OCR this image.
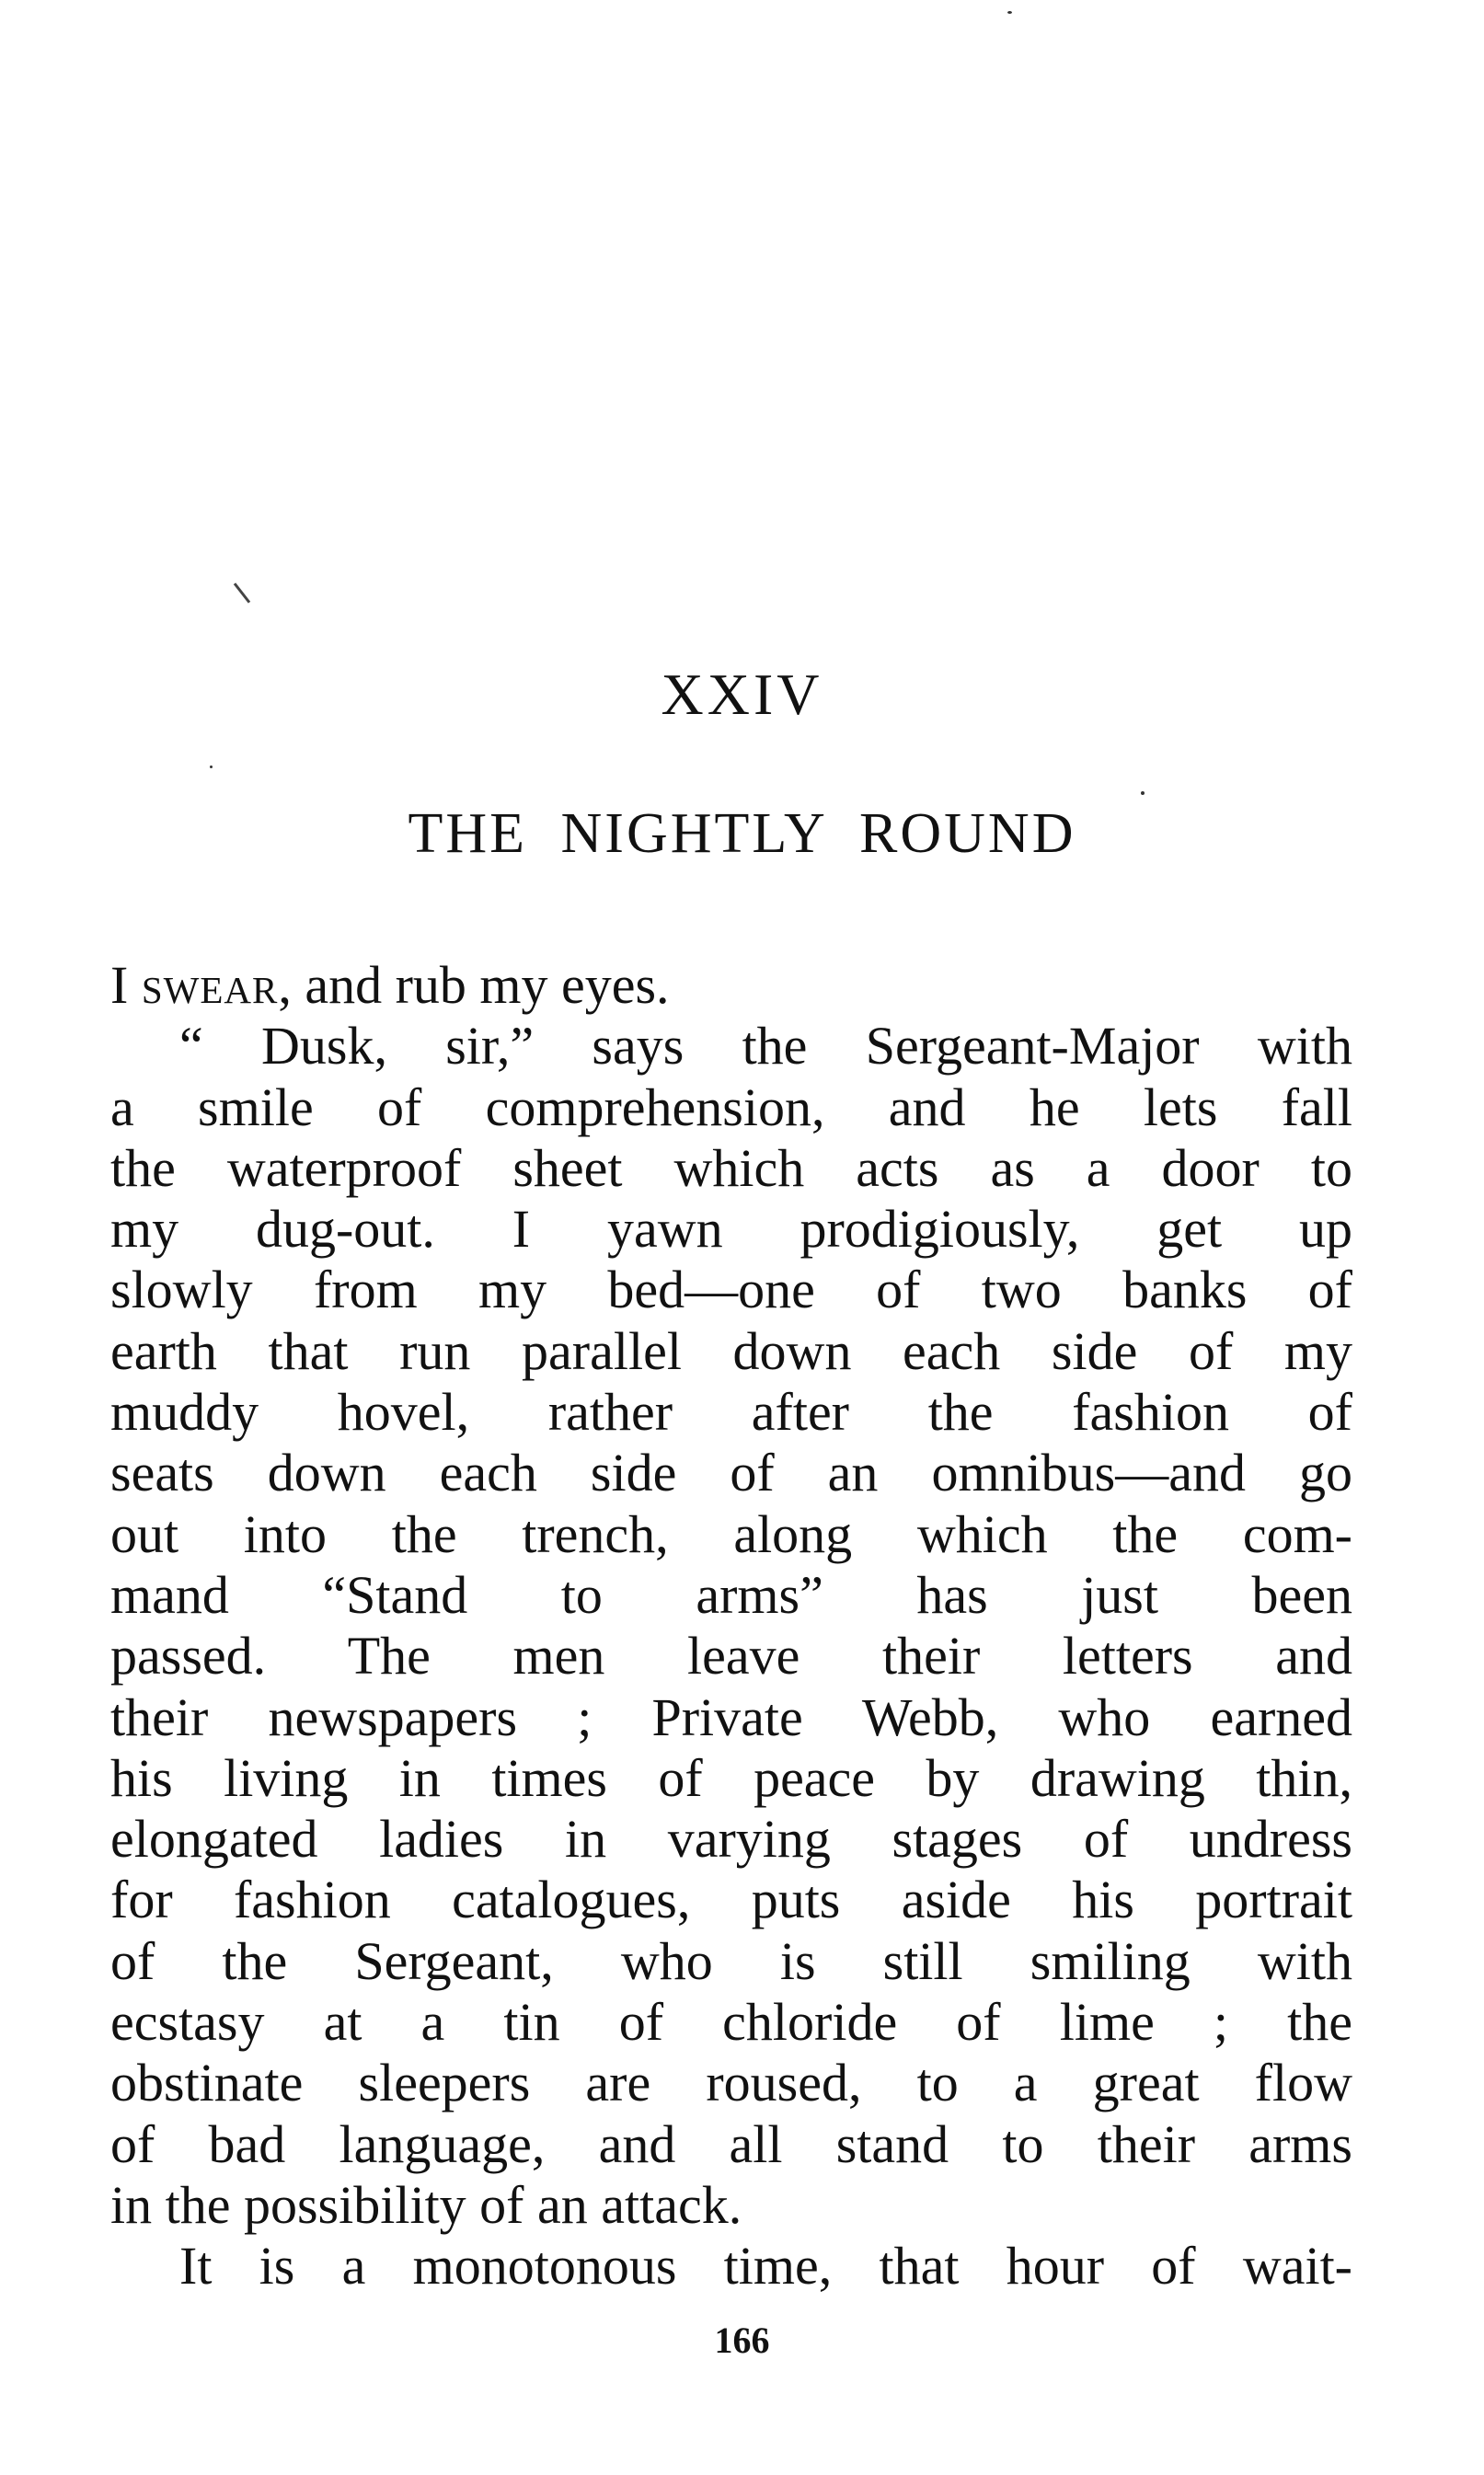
XXIV
THE NIGHTLY ROUND
I swear, and rub my eyes.
“ Dusk, sir,” says the Sergeant-Major with
a smile of comprehension, and he lets fall
the waterproof sheet which acts as a door to
my dug-out. I yawn prodigiously, get up
slowly from my bed—one of two banks of
earth that run parallel down each side of my
muddy hovel, rather after the fashion of
seats down each side of an omnibus—and go
out into the trench, along which the com-
mand “Stand to arms” has just been
passed. The men leave their letters and
their newspapers ; Private Webb, who earned
his living in times of peace by drawing thin,
elongated ladies in varying stages of undress
for fashion catalogues, puts aside his portrait
of the Sergeant, who is still smiling with
ecstasy at a tin of chloride of lime ; the
obstinate sleepers are roused, to a great flow
of bad language, and all stand to their arms
in the possibility of an attack.
It is a monotonous time, that hour of wait-
166
